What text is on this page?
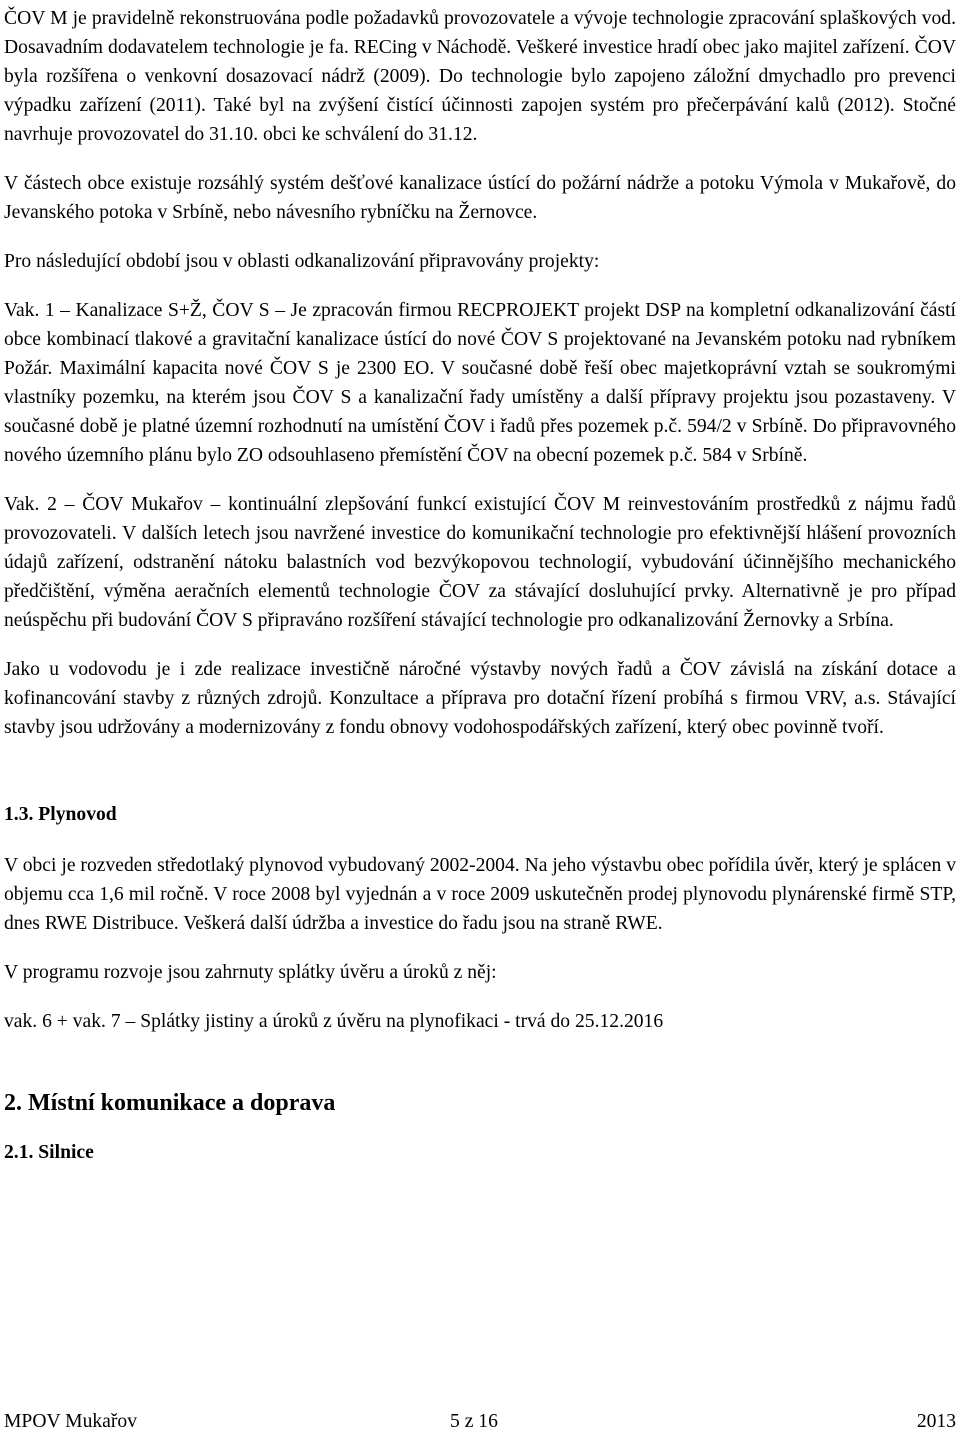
ČOV M je pravidelně rekonstruována podle požadavků provozovatele a vývoje technologie zpracování splaškových vod. Dosavadním dodavatelem technologie je fa. RECing v Náchodě. Veškeré investice hradí obec jako majitel zařízení. ČOV byla rozšířena o venkovní dosazovací nádrž (2009). Do technologie bylo zapojeno záložní dmychadlo pro prevenci výpadku zařízení (2011). Také byl na zvýšení čistící účinnosti zapojen systém pro přečerpávání kalů (2012). Stočné navrhuje provozovatel do 31.10. obci ke schválení do 31.12.

V částech obce existuje rozsáhlý systém dešťové kanalizace ústící do požární nádrže a potoku Výmola v Mukařově, do Jevanského potoka v Srbíně, nebo návesního rybníčku na Žernovce.

Pro následující období jsou v oblasti odkanalizování připravovány projekty:

Vak. 1 – Kanalizace S+Ž, ČOV S – Je zpracován firmou RECPROJEKT projekt DSP na kompletní odkanalizování částí obce kombinací tlakové a gravitační kanalizace ústící do nové ČOV S projektované na Jevanském potoku nad rybníkem Požár. Maximální kapacita nové ČOV S je 2300 EO. V současné době řeší obec majetkoprávní vztah se soukromými vlastníky pozemku, na kterém jsou ČOV S a kanalizační řady umístěny a další přípravy projektu jsou pozastaveny. V současné době je platné územní rozhodnutí na umístění ČOV i řadů přes pozemek p.č. 594/2 v Srbíně. Do připravovného nového územního plánu bylo ZO odsouhlaseno přemístění ČOV na obecní pozemek p.č. 584 v Srbíně.

Vak. 2 – ČOV Mukařov – kontinuální zlepšování funkcí existující ČOV M reinvestováním prostředků z nájmu řadů provozovateli. V dalších letech jsou navržené investice do komunikační technologie pro efektivnější hlášení provozních údajů zařízení, odstranění nátoku balastních vod bezvýkopovou technologií, vybudování účinnějšího mechanického předčištění, výměna aeračních elementů technologie ČOV za stávající dosluhující prvky. Alternativně je pro případ neúspěchu při budování ČOV S připraváno rozšíření stávající technologie pro odkanalizování Žernovky a Srbína.

Jako u vodovodu je i zde realizace investičně náročné výstavby nových řadů a ČOV závislá na získání dotace a kofinancování stavby z různých zdrojů. Konzultace a příprava pro dotační řízení probíhá s firmou VRV, a.s. Stávající stavby jsou udržovány a modernizovány z fondu obnovy vodohospodářských zařízení, který obec povinně tvoří.

1.3. Plynovod

V obci je rozveden středotlaký plynovod vybudovaný 2002-2004. Na jeho výstavbu obec pořídila úvěr, který je splácen v objemu cca 1,6 mil ročně. V roce 2008 byl vyjednán a v roce 2009 uskutečněn prodej plynovodu plynárenské firmě STP, dnes RWE Distribuce. Veškerá další údržba a investice do řadu jsou na straně RWE.

V programu rozvoje jsou zahrnuty splátky úvěru a úroků z něj:

vak. 6 + vak. 7 – Splátky jistiny a úroků z úvěru na plynofikaci - trvá do 25.12.2016

2. Místní komunikace a doprava
2.1. Silnice
MPOV Mukařov	5 z 16	2013
